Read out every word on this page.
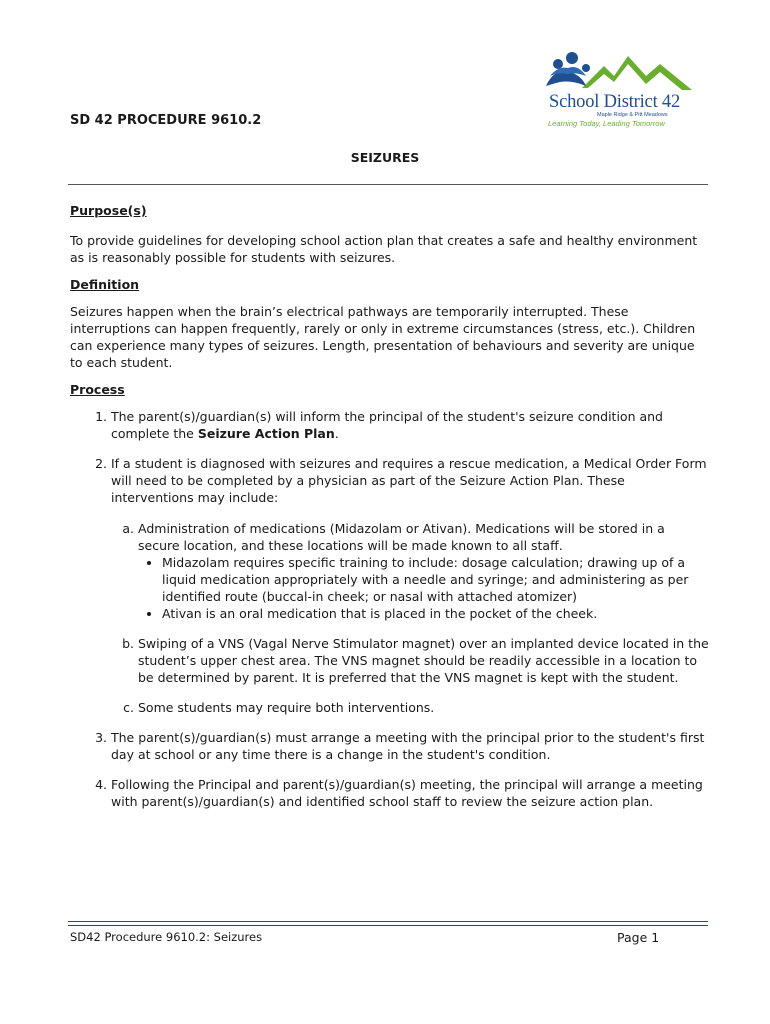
School District 42
Maple Ridge & Pitt Meadows
Learning Today, Leading Tomorrow
SD 42 PROCEDURE 9610.2
SEIZURES

Purpose(s)

To provide guidelines for developing school action plan that creates a safe and healthy environment as is reasonably possible for students with seizures.

Definition

Seizures happen when the brain’s electrical pathways are temporarily interrupted. These interruptions can happen frequently, rarely or only in extreme circumstances (stress, etc.). Children can experience many types of seizures. Length, presentation of behaviours and severity are unique to each student.

Process

1. The parent(s)/guardian(s) will inform the principal of the student's seizure condition and complete the Seizure Action Plan.
2. If a student is diagnosed with seizures and requires a rescue medication, a Medical Order Form will need to be completed by a physician as part of the Seizure Action Plan. These interventions may include:
a. Administration of medications (Midazolam or Ativan). Medications will be stored in a secure location, and these locations will be made known to all staff.
• Midazolam requires specific training to include: dosage calculation; drawing up of a liquid medication appropriately with a needle and syringe; and administering as per identified route (buccal-in cheek; or nasal with attached atomizer)
• Ativan is an oral medication that is placed in the pocket of the cheek.
b. Swiping of a VNS (Vagal Nerve Stimulator magnet) over an implanted device located in the student’s upper chest area. The VNS magnet should be readily accessible in a location to be determined by parent. It is preferred that the VNS magnet is kept with the student.
c. Some students may require both interventions.
3. The parent(s)/guardian(s) must arrange a meeting with the principal prior to the student's first day at school or any time there is a change in the student's condition.
4. Following the Principal and parent(s)/guardian(s) meeting, the principal will arrange a meeting with parent(s)/guardian(s) and identified school staff to review the seizure action plan.
SD42 Procedure 9610.2: Seizures	Page 1
